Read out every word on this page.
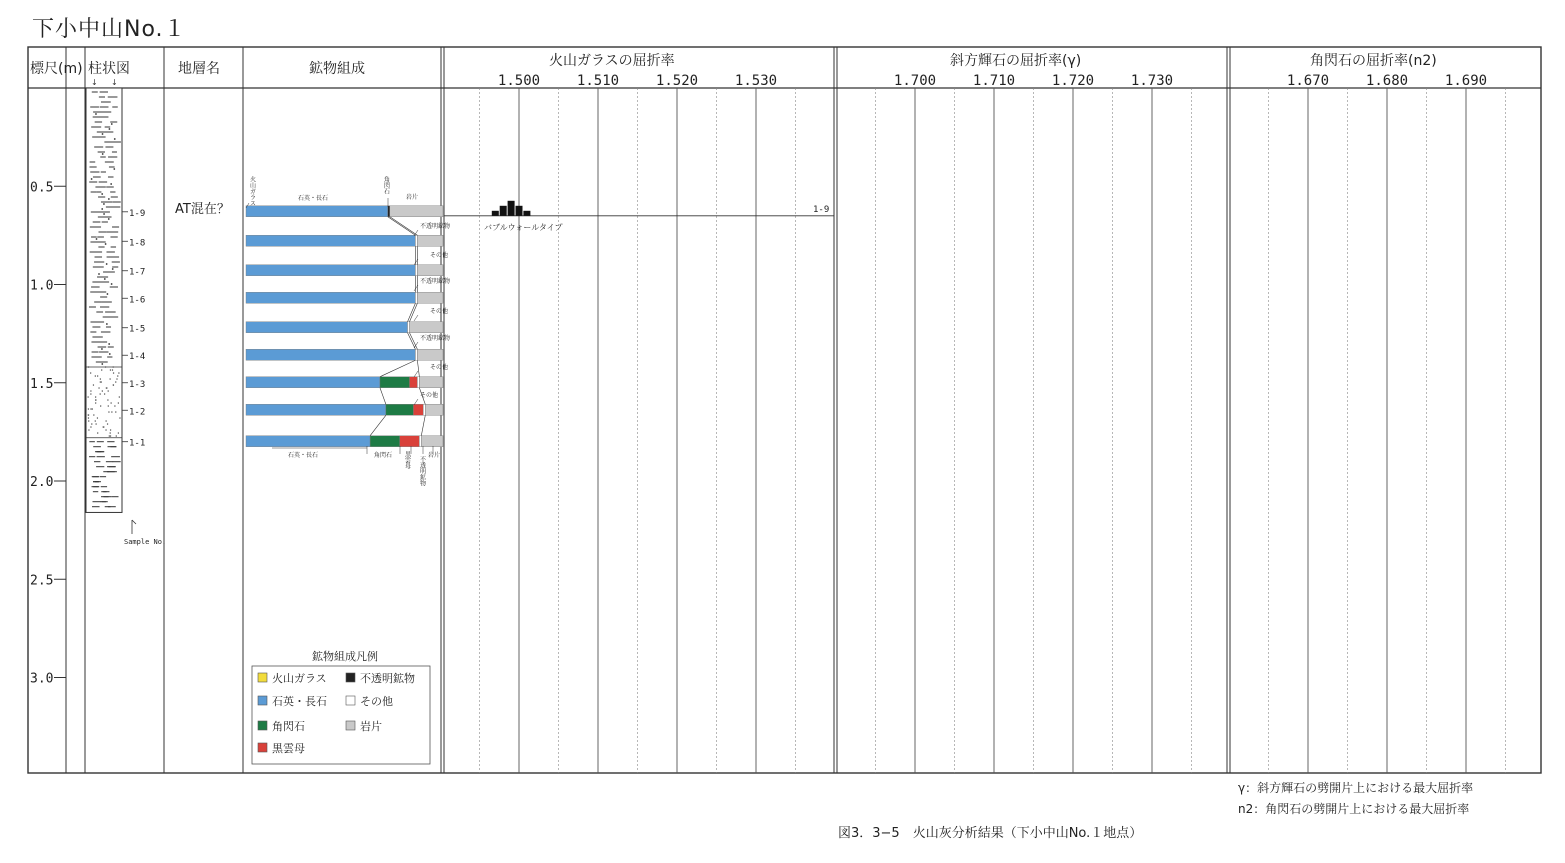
下小中山No.１
標尺(m) 柱状図	地層名	鉱物組成	火山ガラスの屈折率	斜方輝石の屈折率(γ)	角閃石の屈折率(n2)
0.5
1.0
1.5
2.0
2.5
3.0
1.500	1.510	1.520	1.530	1.700	1.710	1.720	1.730	1.670	1.680	1.690
1-9
1-8
1-7
1-6
1-5
1-4
1-3
1-2
1-1
Sample No.
↓ ↓
AT混在？
石英・長石	岩片
火山ガラス	角閃石
不透明鉱物
その他
不透明鉱物
その他
不透明鉱物
その他
その他
石英・長石	角閃石 黒雲母 不透明鉱物
岩片
鉱物組成凡例
火山ガラス	不透明鉱物
石英・長石	その他
角閃石	岩片
黒雲母
バブルウォールタイプ
1-9
γ：斜方輝石の劈開片上における最大屈折率
n2：角閃石の劈開片上における最大屈折率
図3．3−5　火山灰分析結果（下小中山No.１地点）
